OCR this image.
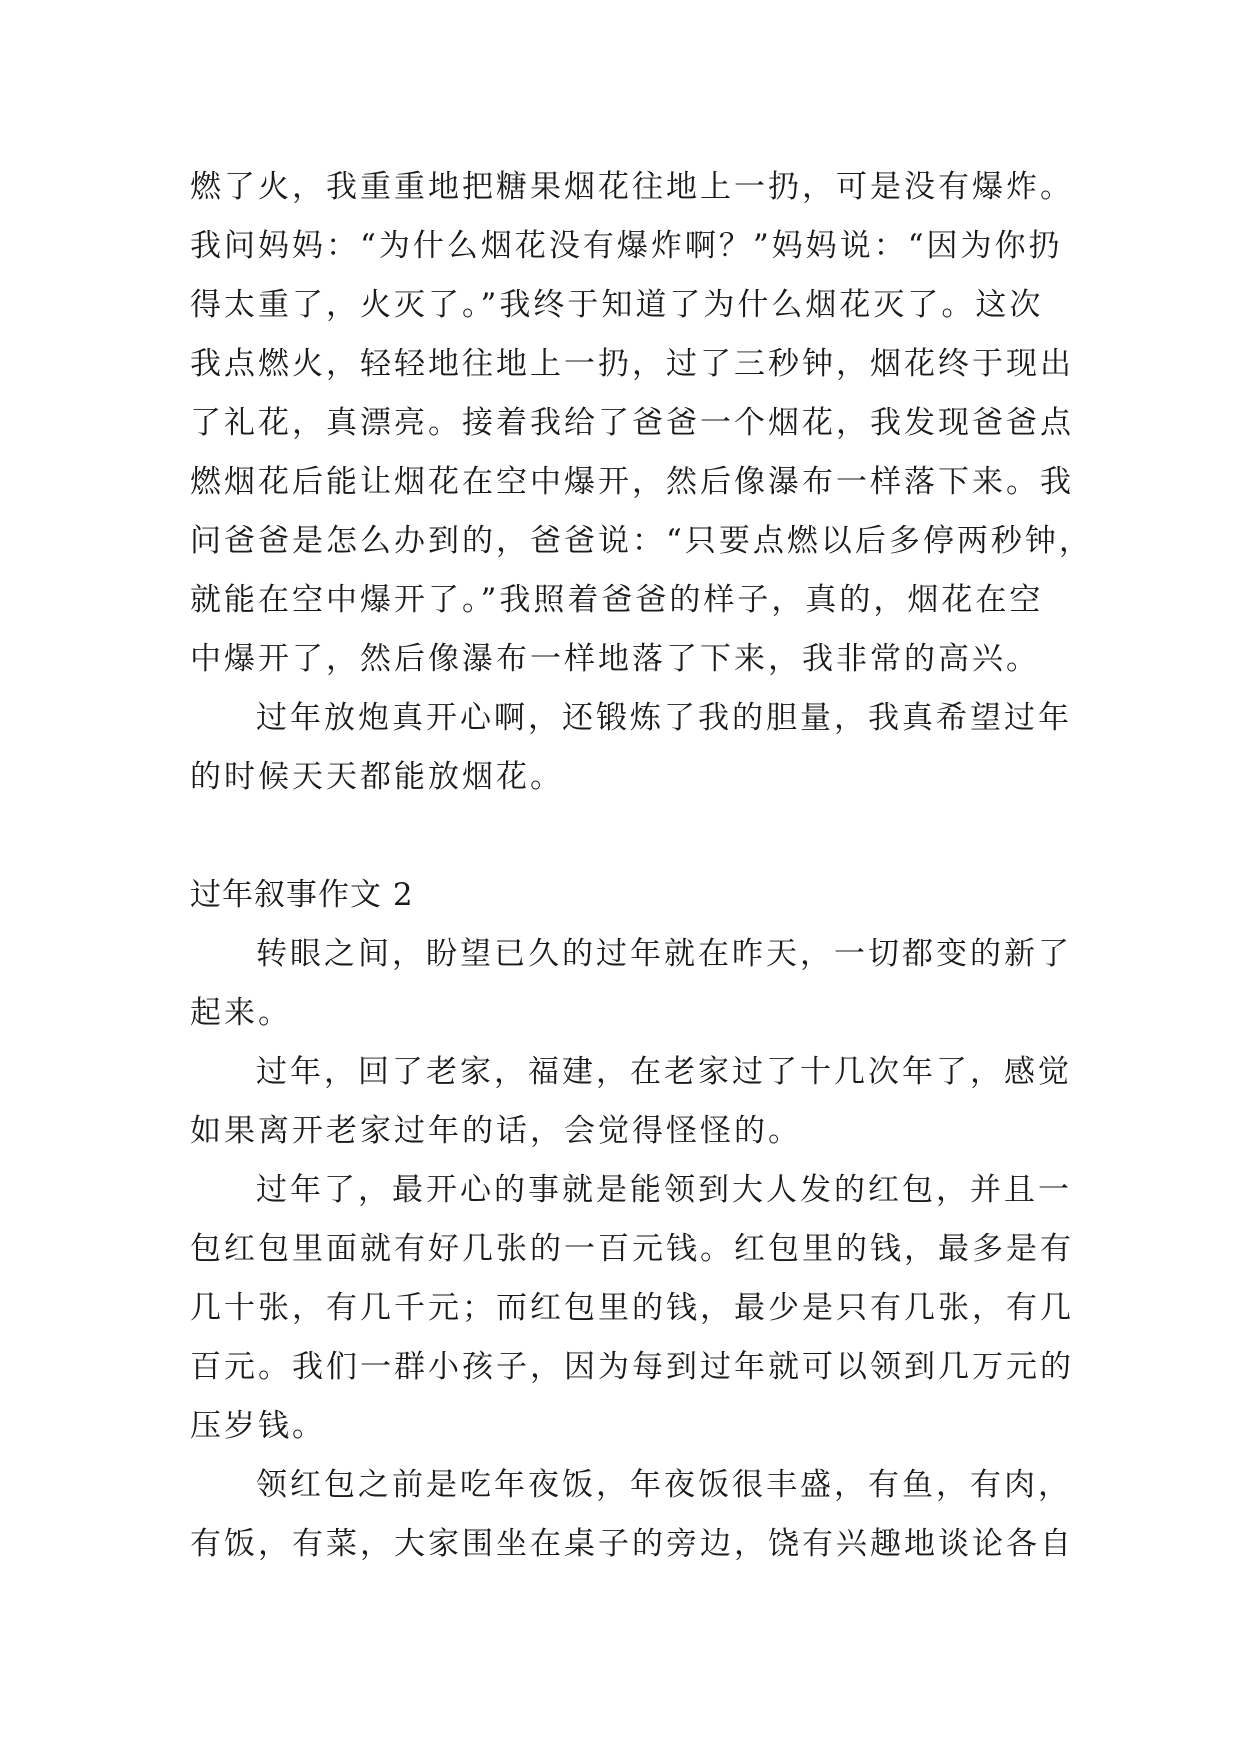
燃了火，我重重地把糖果烟花往地上一扔，可是没有爆炸。
我问妈妈：“为什么烟花没有爆炸啊？”妈妈说：“因为你扔
得太重了，火灭了。”我终于知道了为什么烟花灭了。这次
我点燃火，轻轻地往地上一扔，过了三秒钟，烟花终于现出
了礼花，真漂亮。接着我给了爸爸一个烟花，我发现爸爸点
燃烟花后能让烟花在空中爆开，然后像瀑布一样落下来。我
问爸爸是怎么办到的，爸爸说：“只要点燃以后多停两秒钟，
就能在空中爆开了。”我照着爸爸的样子，真的，烟花在空
中爆开了，然后像瀑布一样地落了下来，我非常的高兴。
过年放炮真开心啊，还锻炼了我的胆量，我真希望过年
的时候天天都能放烟花。
过年叙事作文 2
转眼之间，盼望已久的过年就在昨天，一切都变的新了
起来。
过年，回了老家，福建，在老家过了十几次年了，感觉
如果离开老家过年的话，会觉得怪怪的。
过年了，最开心的事就是能领到大人发的红包，并且一
包红包里面就有好几张的一百元钱。红包里的钱，最多是有
几十张，有几千元；而红包里的钱，最少是只有几张，有几
百元。我们一群小孩子，因为每到过年就可以领到几万元的
压岁钱。
领红包之前是吃年夜饭，年夜饭很丰盛，有鱼，有肉，
有饭，有菜，大家围坐在桌子的旁边，饶有兴趣地谈论各自
